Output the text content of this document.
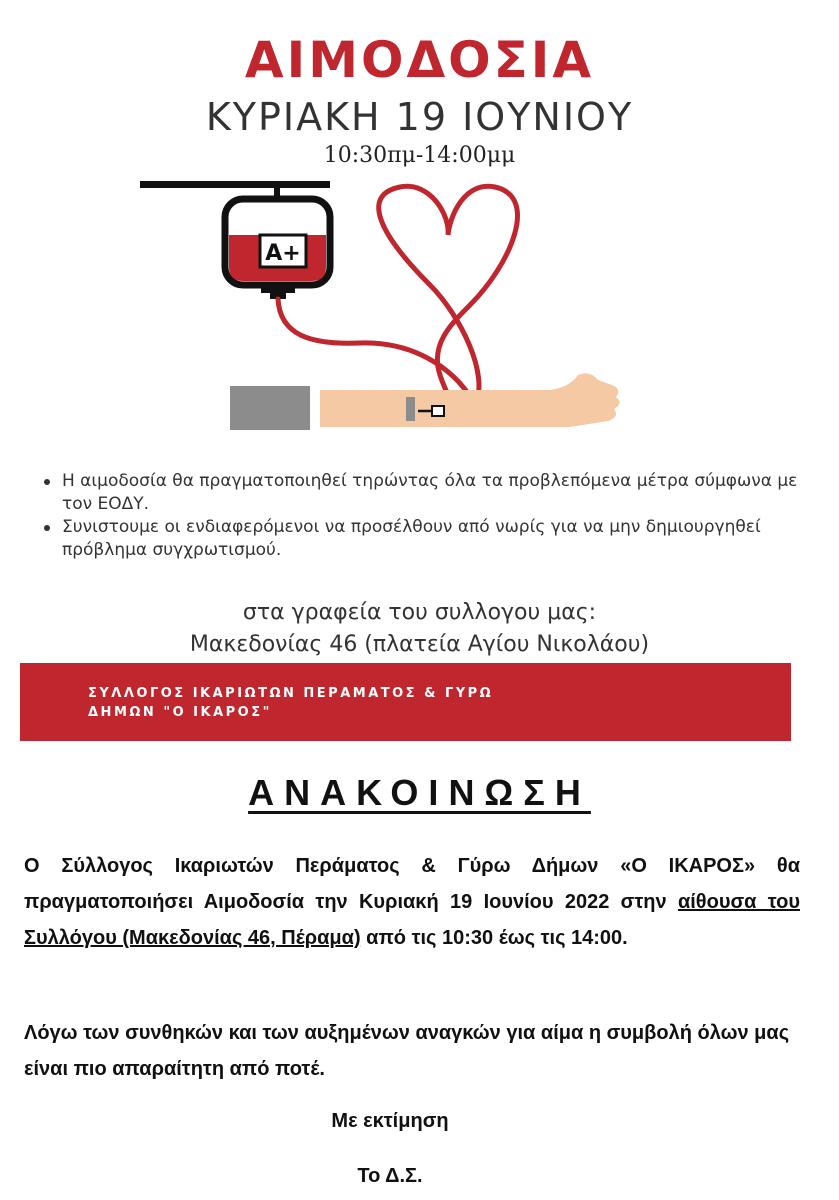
ΑΙΜΟΔΟΣΙΑ
ΚΥΡΙΑΚΗ 19 ΙΟΥΝΙΟΥ
10:30πμ-14:00μμ
A+
Η αιμοδοσία θα πραγματοποιηθεί τηρώντας όλα τα προβλεπόμενα μέτρα σύμφωνα με τον ΕΟΔΥ.
Συνιστουμε οι ενδιαφερόμενοι να προσέλθουν από νωρίς για να μην δημιουργηθεί πρόβλημα συγχρωτισμού.
στα γραφεία του συλλογου μας:
Μακεδονίας 46 (πλατεία Αγίου Νικολάου)
ΣΥΛΛΟΓΟΣ ΙΚΑΡΙΩΤΩΝ ΠΕΡΑΜΑΤΟΣ & ΓΥΡΩ
ΔΗΜΩΝ "Ο ΙΚΑΡΟΣ"
ΑΝΑΚΟΙΝΩΣΗ
Ο Σύλλογος Ικαριωτών Περάματος & Γύρω Δήμων «Ο ΙΚΑΡΟΣ» θα πραγματοποιήσει Αιμοδοσία την Κυριακή 19 Ιουνίου 2022 στην αίθουσα του Συλλόγου (Μακεδονίας 46, Πέραμα) από τις 10:30 έως τις 14:00.
Λόγω των συνθηκών και των αυξημένων αναγκών για αίμα η συμβολή όλων μας είναι πιο απαραίτητη από ποτέ.
Με εκτίμηση
Το Δ.Σ.
